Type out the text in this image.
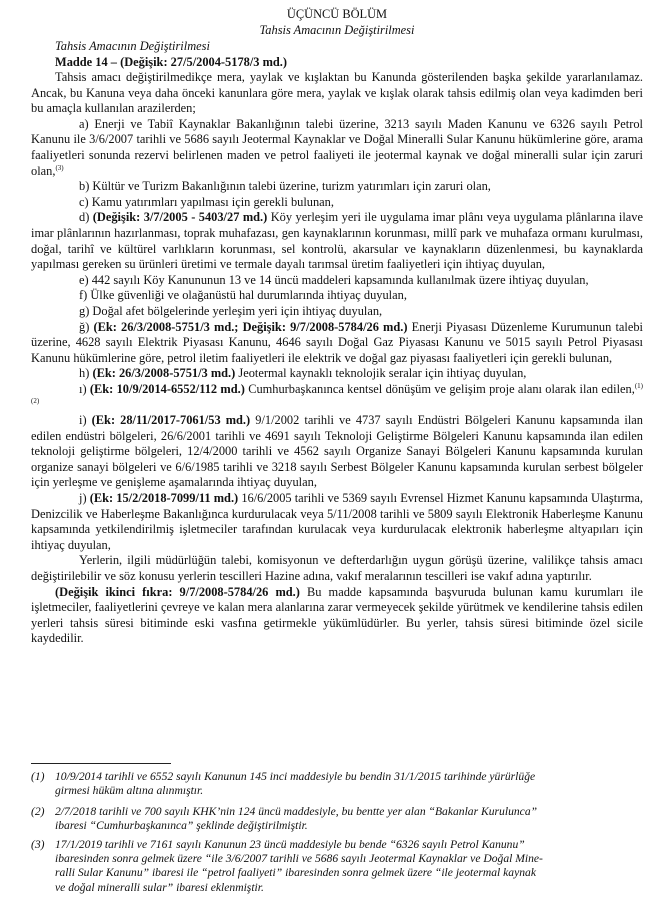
ÜÇÜNCÜ BÖLÜM
Tahsis Amacının Değiştirilmesi

Tahsis Amacının Değiştirilmesi

Madde 14 – (Değişik: 27/5/2004-5178/3 md.)

Tahsis amacı değiştirilmedikçe mera, yaylak ve kışlaktan bu Kanunda gösterilenden başka şekilde yararlanılamaz. Ancak, bu Kanuna veya daha önceki kanunlara göre mera, yaylak ve kışlak olarak tahsis edilmiş olan veya kadimden beri bu amaçla kullanılan arazilerden;

a) Enerji ve Tabiî Kaynaklar Bakanlığının talebi üzerine, 3213 sayılı Maden Kanunu ve 6326 sayılı Petrol Kanunu ile 3/6/2007 tarihli ve 5686 sayılı Jeotermal Kaynaklar ve Doğal Mineralli Sular Kanunu hükümlerine göre, arama faaliyetleri sonunda rezervi belirlenen maden ve petrol faaliyeti ile jeotermal kaynak ve doğal mineralli sular için zaruri olan,$^{(3)}$

b) Kültür ve Turizm Bakanlığının talebi üzerine, turizm yatırımları için zaruri olan,

c) Kamu yatırımları yapılması için gerekli bulunan,

d) (Değişik: 3/7/2005 - 5403/27 md.) Köy yerleşim yeri ile uygulama imar plânı veya uygulama plânlarına ilave imar plânlarının hazırlanması, toprak muhafazası, gen kaynaklarının korunması, millî park ve muhafaza ormanı kurulması, doğal, tarihî ve kültürel varlıkların korunması, sel kontrolü, akarsular ve kaynakların düzenlenmesi, bu kaynaklarda yapılması gereken su ürünleri üretimi ve termale dayalı tarımsal üretim faaliyetleri için ihtiyaç duyulan,

e) 442 sayılı Köy Kanununun 13 ve 14 üncü maddeleri kapsamında kullanılmak üzere ihtiyaç duyulan,

f) Ülke güvenliği ve olağanüstü hal durumlarında ihtiyaç duyulan,

g) Doğal afet bölgelerinde yerleşim yeri için ihtiyaç duyulan,

ğ) (Ek: 26/3/2008-5751/3 md.; Değişik: 9/7/2008-5784/26 md.) Enerji Piyasası Düzenleme Kurumunun talebi üzerine, 4628 sayılı Elektrik Piyasası Kanunu, 4646 sayılı Doğal Gaz Piyasası Kanunu ve 5015 sayılı Petrol Piyasası Kanunu hükümlerine göre, petrol iletim faaliyetleri ile elektrik ve doğal gaz piyasası faaliyetleri için gerekli bulunan,

h) (Ek: 26/3/2008-5751/3 md.) Jeotermal kaynaklı teknolojik seralar için ihtiyaç duyulan,

ı) (Ek: 10/9/2014-6552/112 md.) Cumhurbaşkanınca kentsel dönüşüm ve gelişim proje alanı olarak ilan edilen,$^{(1)(2)}$

i) (Ek: 28/11/2017-7061/53 md.) 9/1/2002 tarihli ve 4737 sayılı Endüstri Bölgeleri Kanunu kapsamında ilan edilen endüstri bölgeleri, 26/6/2001 tarihli ve 4691 sayılı Teknoloji Geliştirme Bölgeleri Kanunu kapsamında ilan edilen teknoloji geliştirme bölgeleri, 12/4/2000 tarihli ve 4562 sayılı Organize Sanayi Bölgeleri Kanunu kapsamında kurulan organize sanayi bölgeleri ve 6/6/1985 tarihli ve 3218 sayılı Serbest Bölgeler Kanunu kapsamında kurulan serbest bölgeler için yerleşme ve genişleme aşamalarında ihtiyaç duyulan,

j) (Ek: 15/2/2018-7099/11 md.) 16/6/2005 tarihli ve 5369 sayılı Evrensel Hizmet Kanunu kapsamında Ulaştırma, Denizcilik ve Haberleşme Bakanlığınca kurdurulacak veya 5/11/2008 tarihli ve 5809 sayılı Elektronik Haberleşme Kanunu kapsamında yetkilendirilmiş işletmeciler tarafından kurulacak veya kurdurulacak elektronik haberleşme altyapıları için ihtiyaç duyulan,

Yerlerin, ilgili müdürlüğün talebi, komisyonun ve defterdarlığın uygun görüşü üzerine, valilikçe tahsis amacı değiştirilebilir ve söz konusu yerlerin tescilleri Hazine adına, vakıf meralarının tescilleri ise vakıf adına yaptırılır.

(Değişik ikinci fıkra: 9/7/2008-5784/26 md.) Bu madde kapsamında başvuruda bulunan kamu kurumları ile işletmeciler, faaliyetlerini çevreye ve kalan mera alanlarına zarar vermeyecek şekilde yürütmek ve kendilerine tahsis edilen yerleri tahsis süresi bitiminde eski vasfına getirmekle yükümlüdürler. Bu yerler, tahsis süresi bitiminde özel sicile kaydedilir.

(1) 10/9/2014 tarihli ve 6552 sayılı Kanunun 145 inci maddesiyle bu bendin 31/1/2015 tarihinde yürürlüğe
girmesi hüküm altına alınmıştır.
(2) 2/7/2018 tarihli ve 700 sayılı KHK’nin 124 üncü maddesiyle, bu bentte yer alan “Bakanlar Kurulunca”
ibaresi “Cumhurbaşkanınca” şeklinde değiştirilmiştir.
(3) 17/1/2019 tarihli ve 7161 sayılı Kanunun 23 üncü maddesiyle bu bende “6326 sayılı Petrol Kanunu”
ibaresinden sonra gelmek üzere “ile 3/6/2007 tarihli ve 5686 sayılı Jeotermal Kaynaklar ve Doğal Mine-
ralli Sular Kanunu” ibaresi ile “petrol faaliyeti” ibaresinden sonra gelmek üzere “ile jeotermal kaynak
ve doğal mineralli sular” ibaresi eklenmiştir.
